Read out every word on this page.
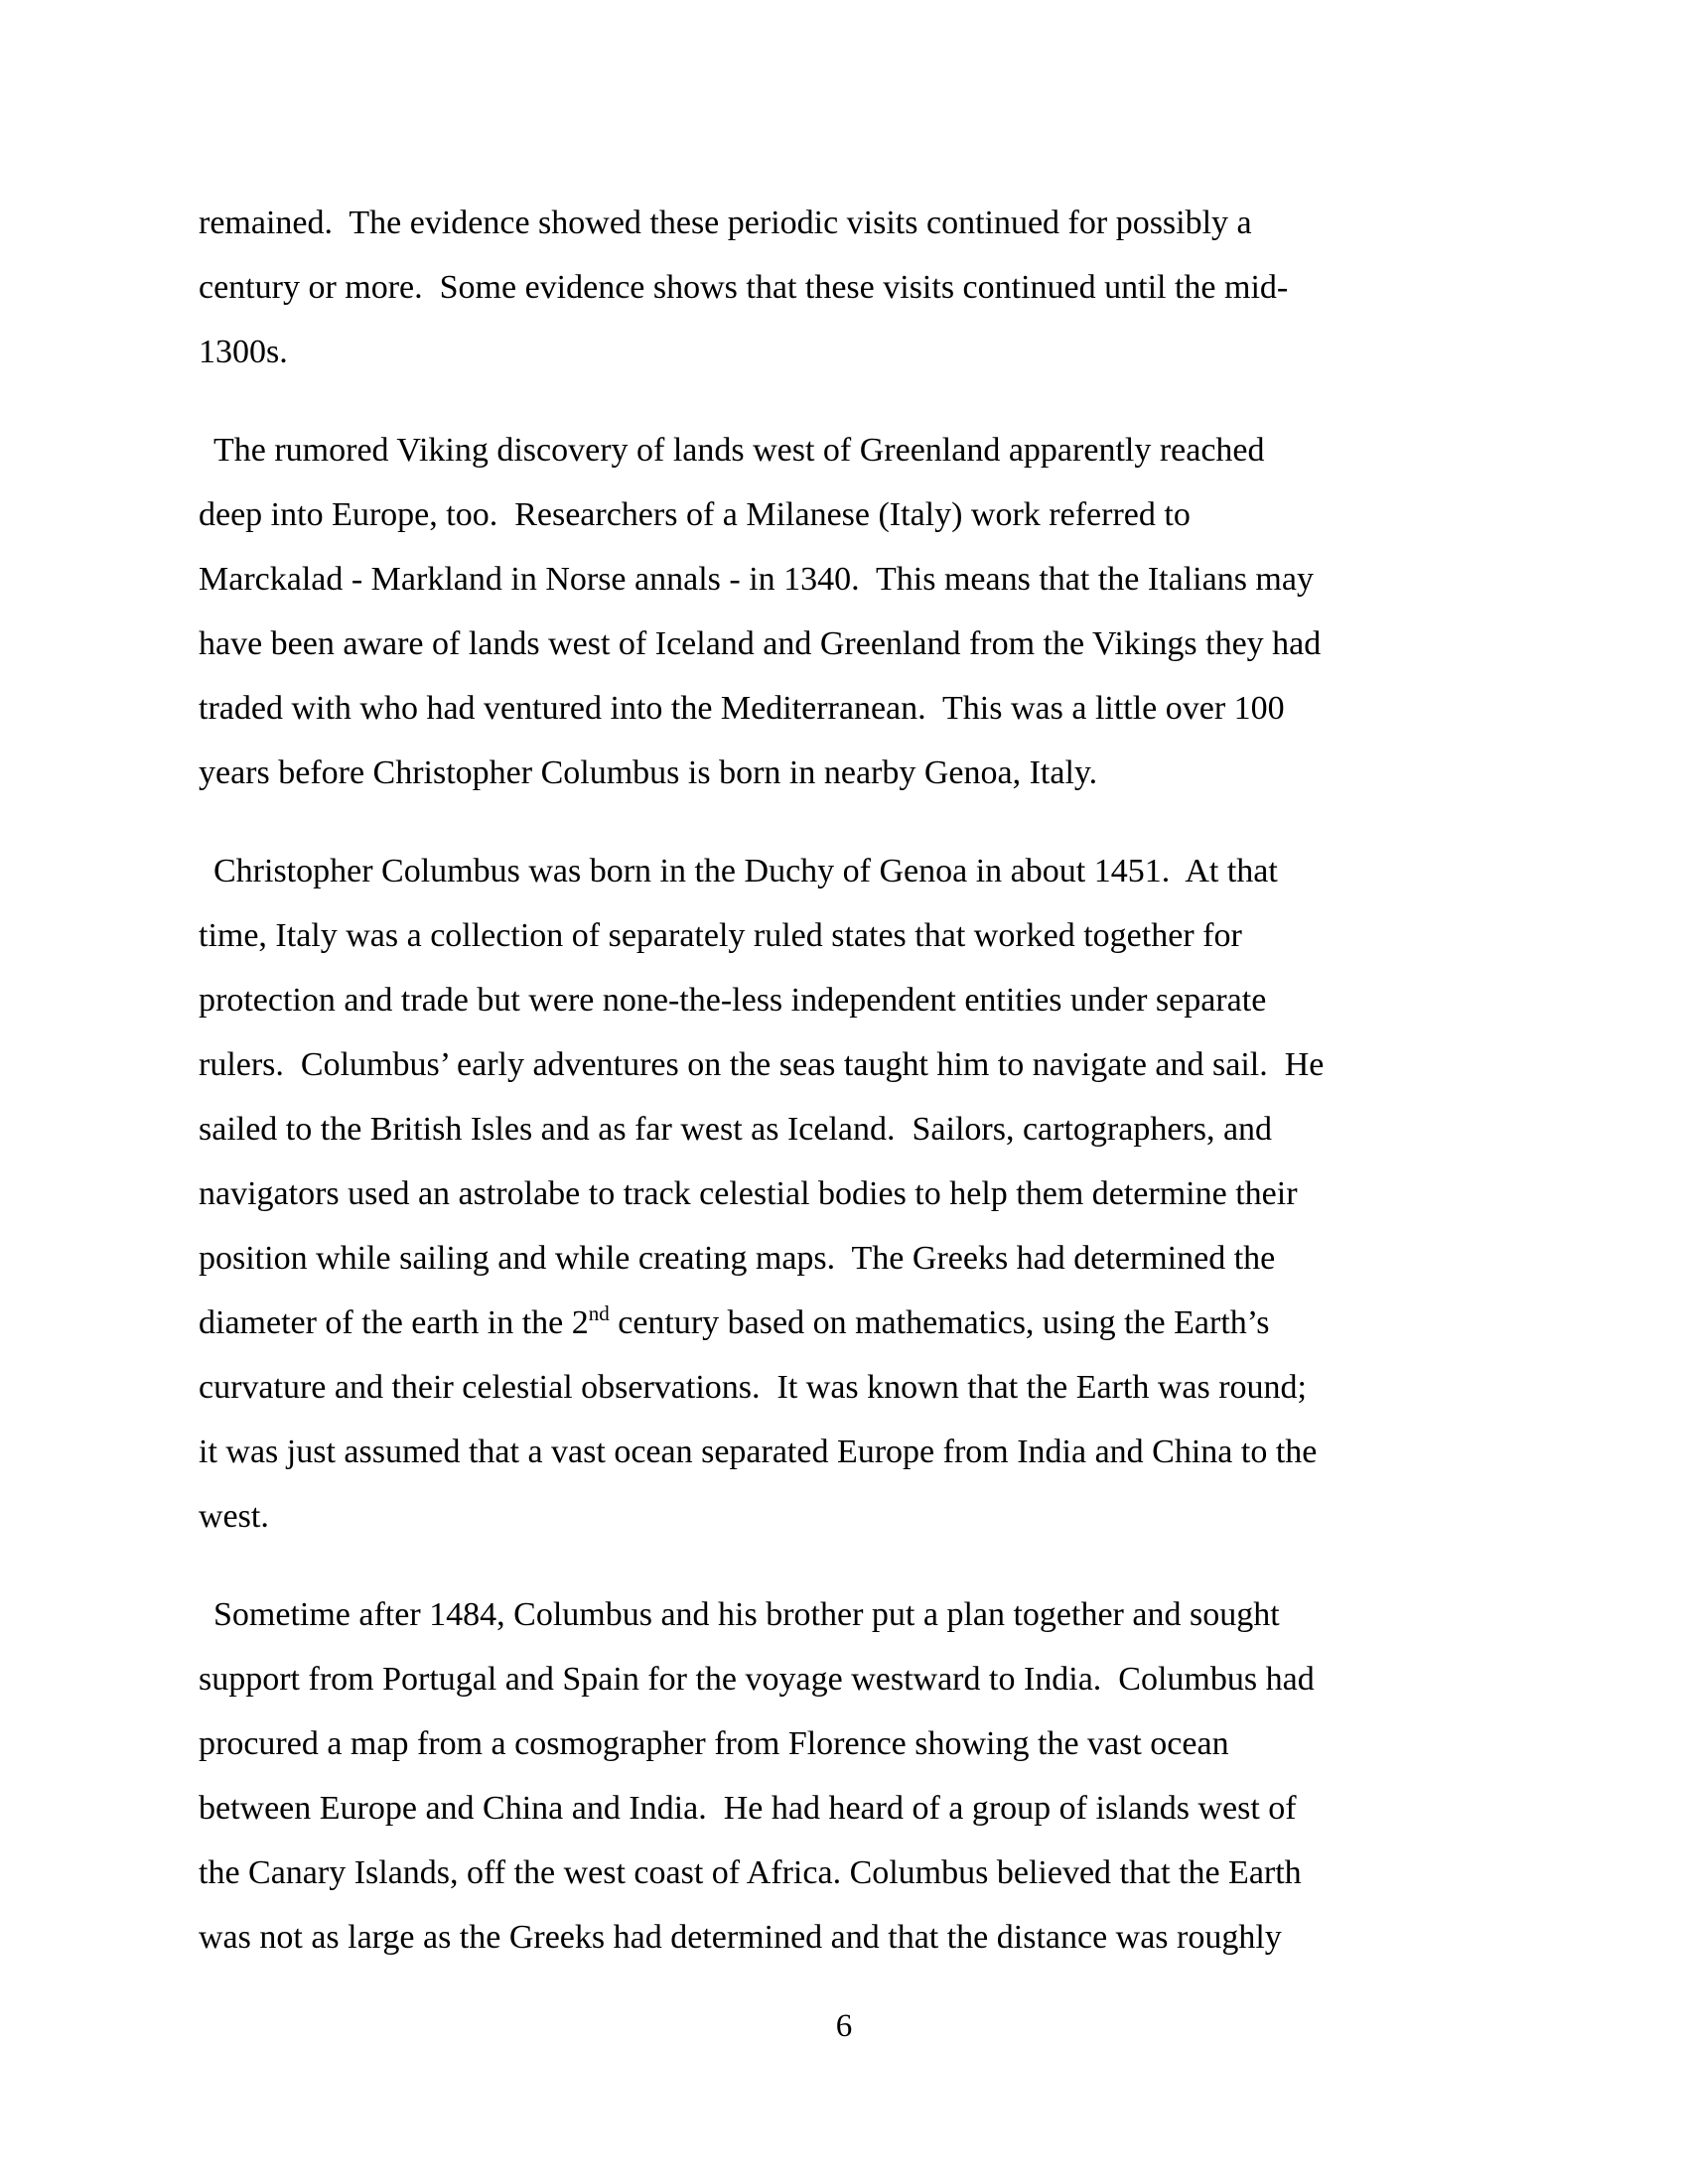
remained.  The evidence showed these periodic visits continued for possibly a
century or more.  Some evidence shows that these visits continued until the mid-
1300s.
The rumored Viking discovery of lands west of Greenland apparently reached
deep into Europe, too.  Researchers of a Milanese (Italy) work referred to
Marckalad - Markland in Norse annals - in 1340.  This means that the Italians may
have been aware of lands west of Iceland and Greenland from the Vikings they had
traded with who had ventured into the Mediterranean.  This was a little over 100
years before Christopher Columbus is born in nearby Genoa, Italy.
Christopher Columbus was born in the Duchy of Genoa in about 1451.  At that
time, Italy was a collection of separately ruled states that worked together for
protection and trade but were none-the-less independent entities under separate
rulers.  Columbus’ early adventures on the seas taught him to navigate and sail.  He
sailed to the British Isles and as far west as Iceland.  Sailors, cartographers, and
navigators used an astrolabe to track celestial bodies to help them determine their
position while sailing and while creating maps.  The Greeks had determined the
diameter of the earth in the 2nd century based on mathematics, using the Earth’s
curvature and their celestial observations.  It was known that the Earth was round;
it was just assumed that a vast ocean separated Europe from India and China to the
west.
Sometime after 1484, Columbus and his brother put a plan together and sought
support from Portugal and Spain for the voyage westward to India.  Columbus had
procured a map from a cosmographer from Florence showing the vast ocean
between Europe and China and India.  He had heard of a group of islands west of
the Canary Islands, off the west coast of Africa. Columbus believed that the Earth
was not as large as the Greeks had determined and that the distance was roughly
6
